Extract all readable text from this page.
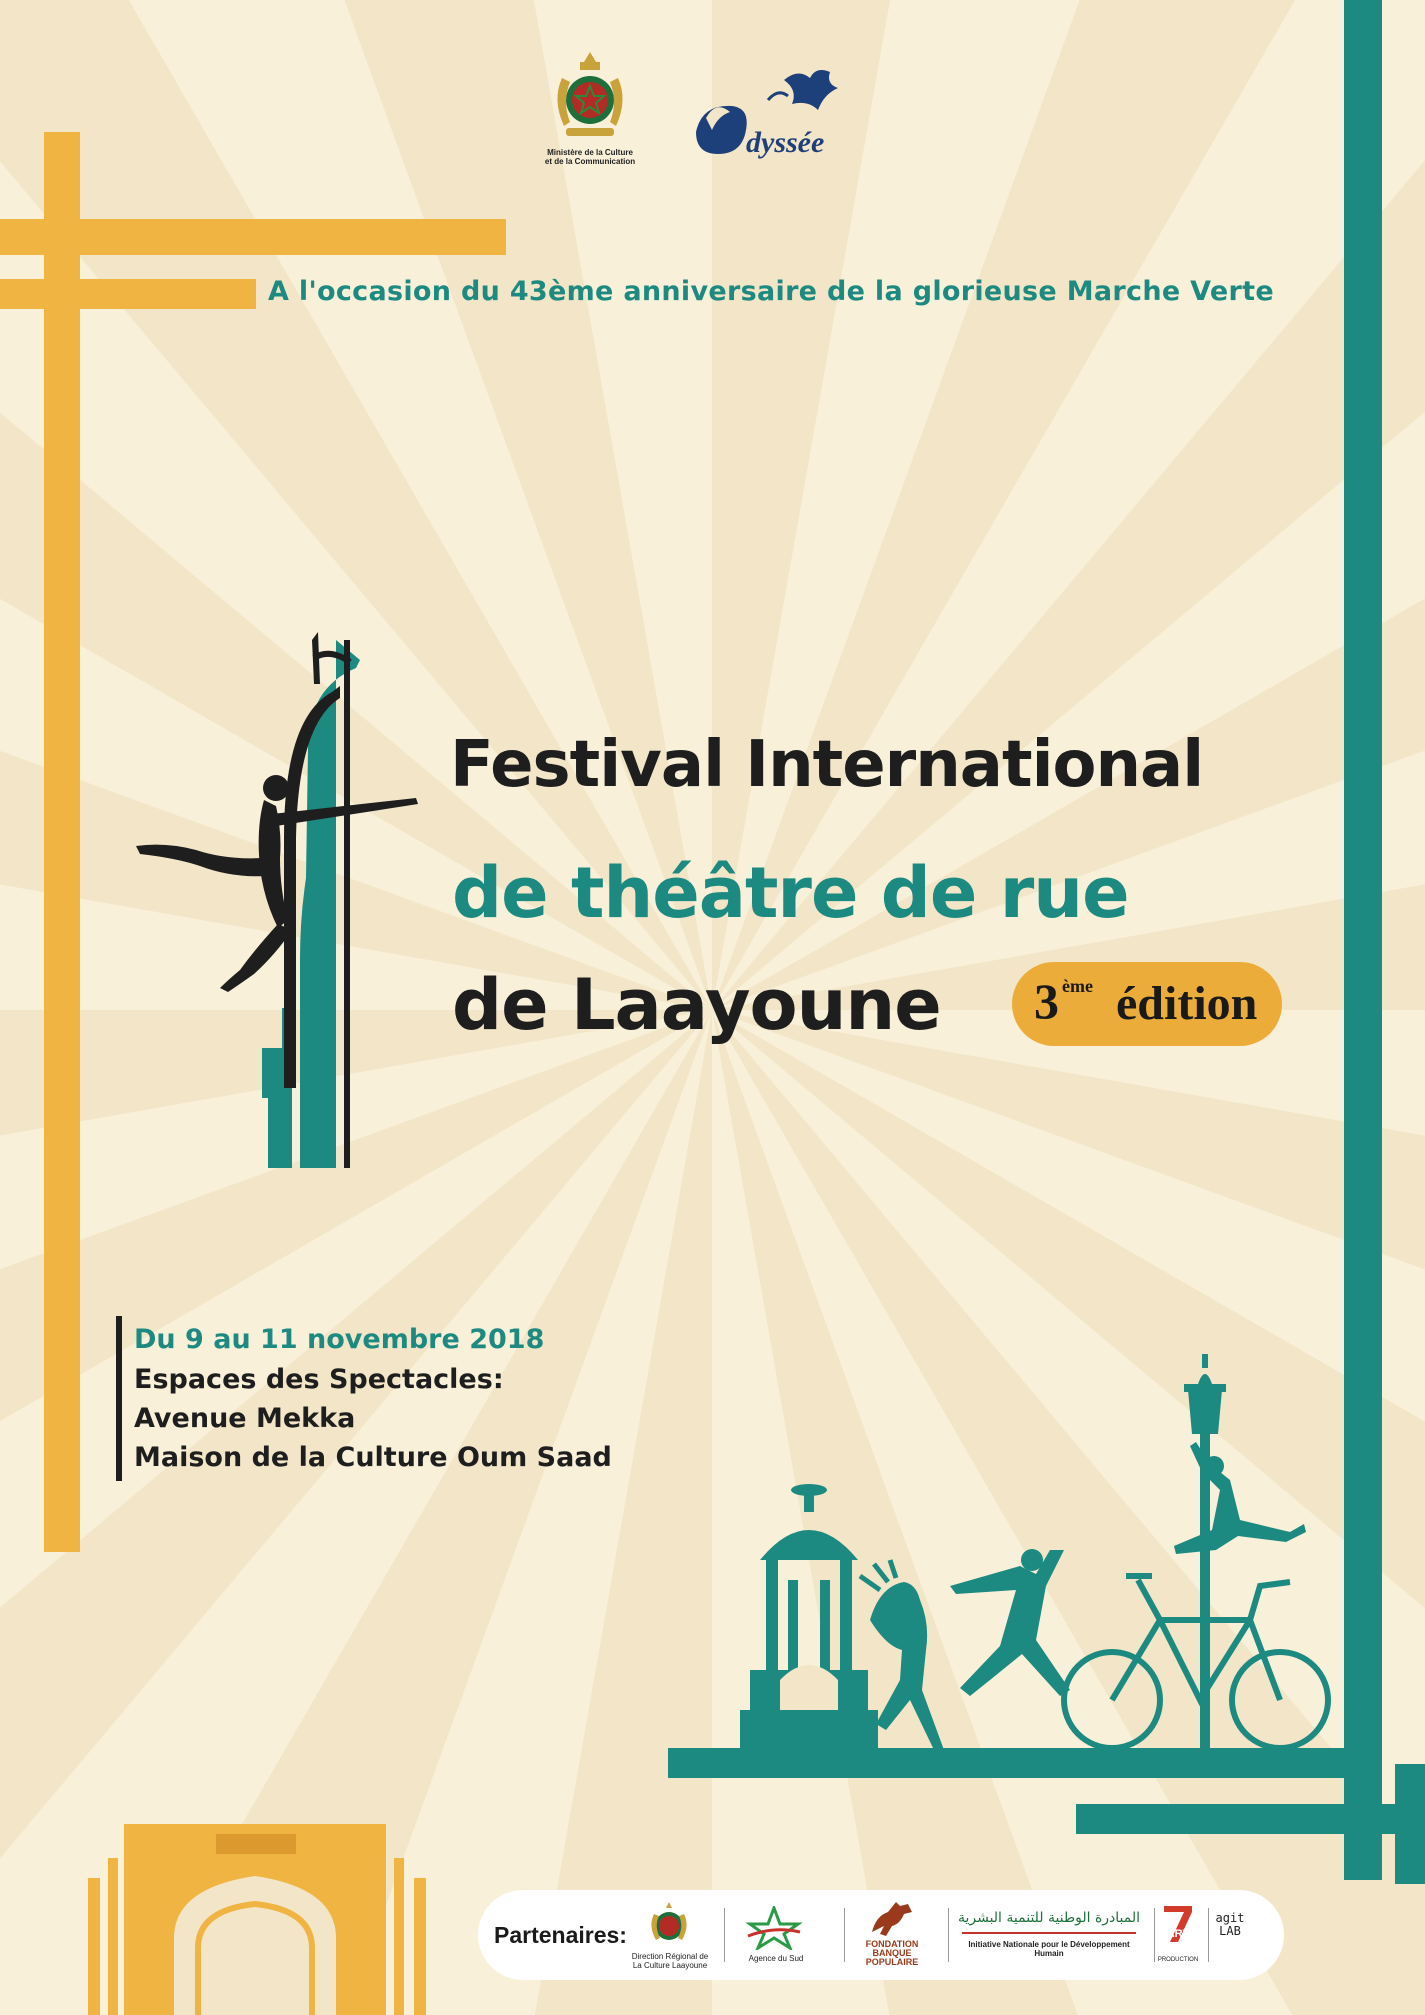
Ministère de la Culture
et de la Communication
dyssée
A l'occasion du 43ème anniversaire de la glorieuse Marche Verte
Festival International
de théâtre de rue
de Laayoune 3 ème édition
Du 9 au 11 novembre 2018
Espaces des Spectacles:
Avenue Mekka
Maison de la Culture Oum Saad
Partenaires:
Direction Régional de La Culture Laayoune
Agence du Sud
FONDATION BANQUE POPULAIRE
المبادرة الوطنية للتنمية البشرية
Initiative Nationale pour le Développement Humain
ART
PRODUCTION
agit LAB
